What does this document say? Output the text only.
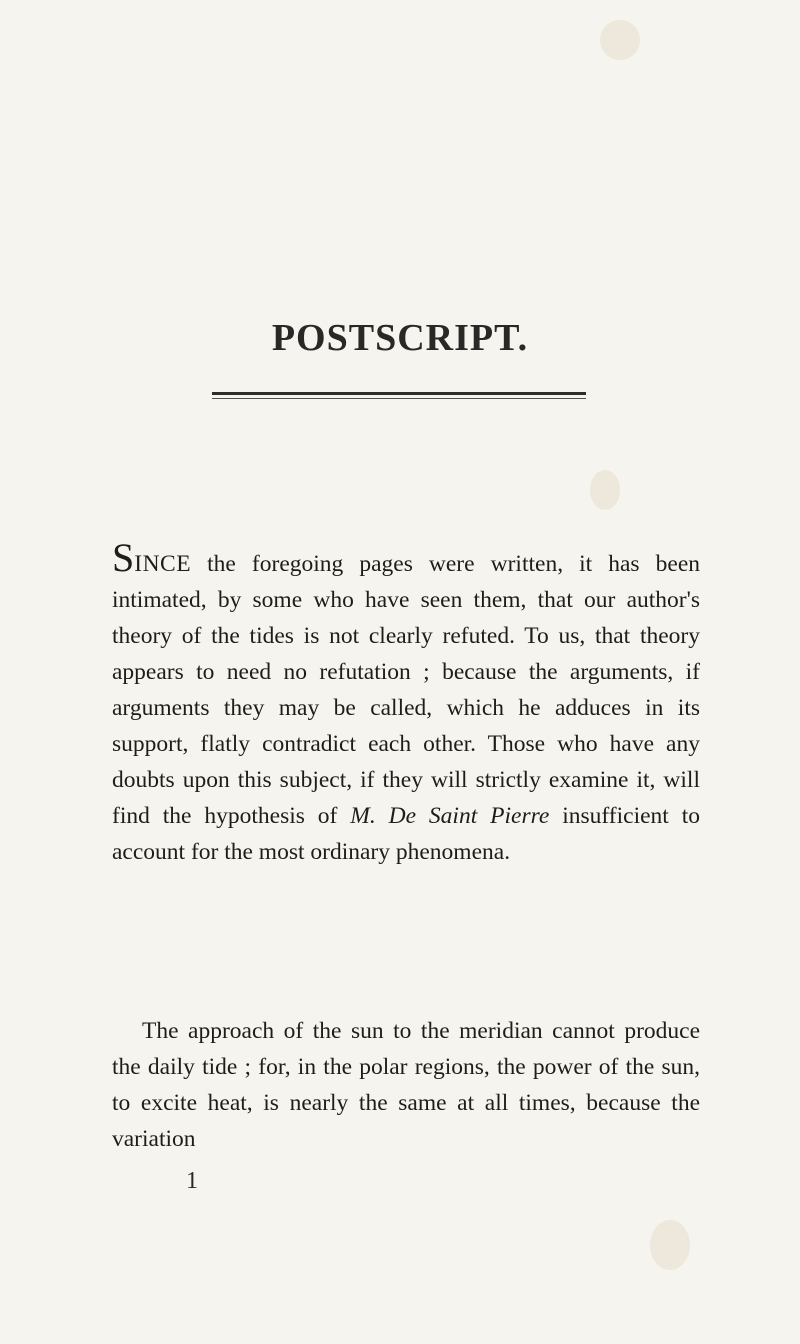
POSTSCRIPT.
SINCE the foregoing pages were written, it has been intimated, by some who have seen them, that our author's theory of the tides is not clearly refuted. To us, that theory appears to need no refutation ; because the arguments, if arguments they may be called, which he adduces in its support, flatly contradict each other. Those who have any doubts upon this subject, if they will strictly examine it, will find the hypothesis of M. De Saint Pierre insufficient to account for the most ordinary phenomena.
The approach of the sun to the meridian cannot produce the daily tide ; for, in the polar regions, the power of the sun, to excite heat, is nearly the same at all times, because the variation
1
